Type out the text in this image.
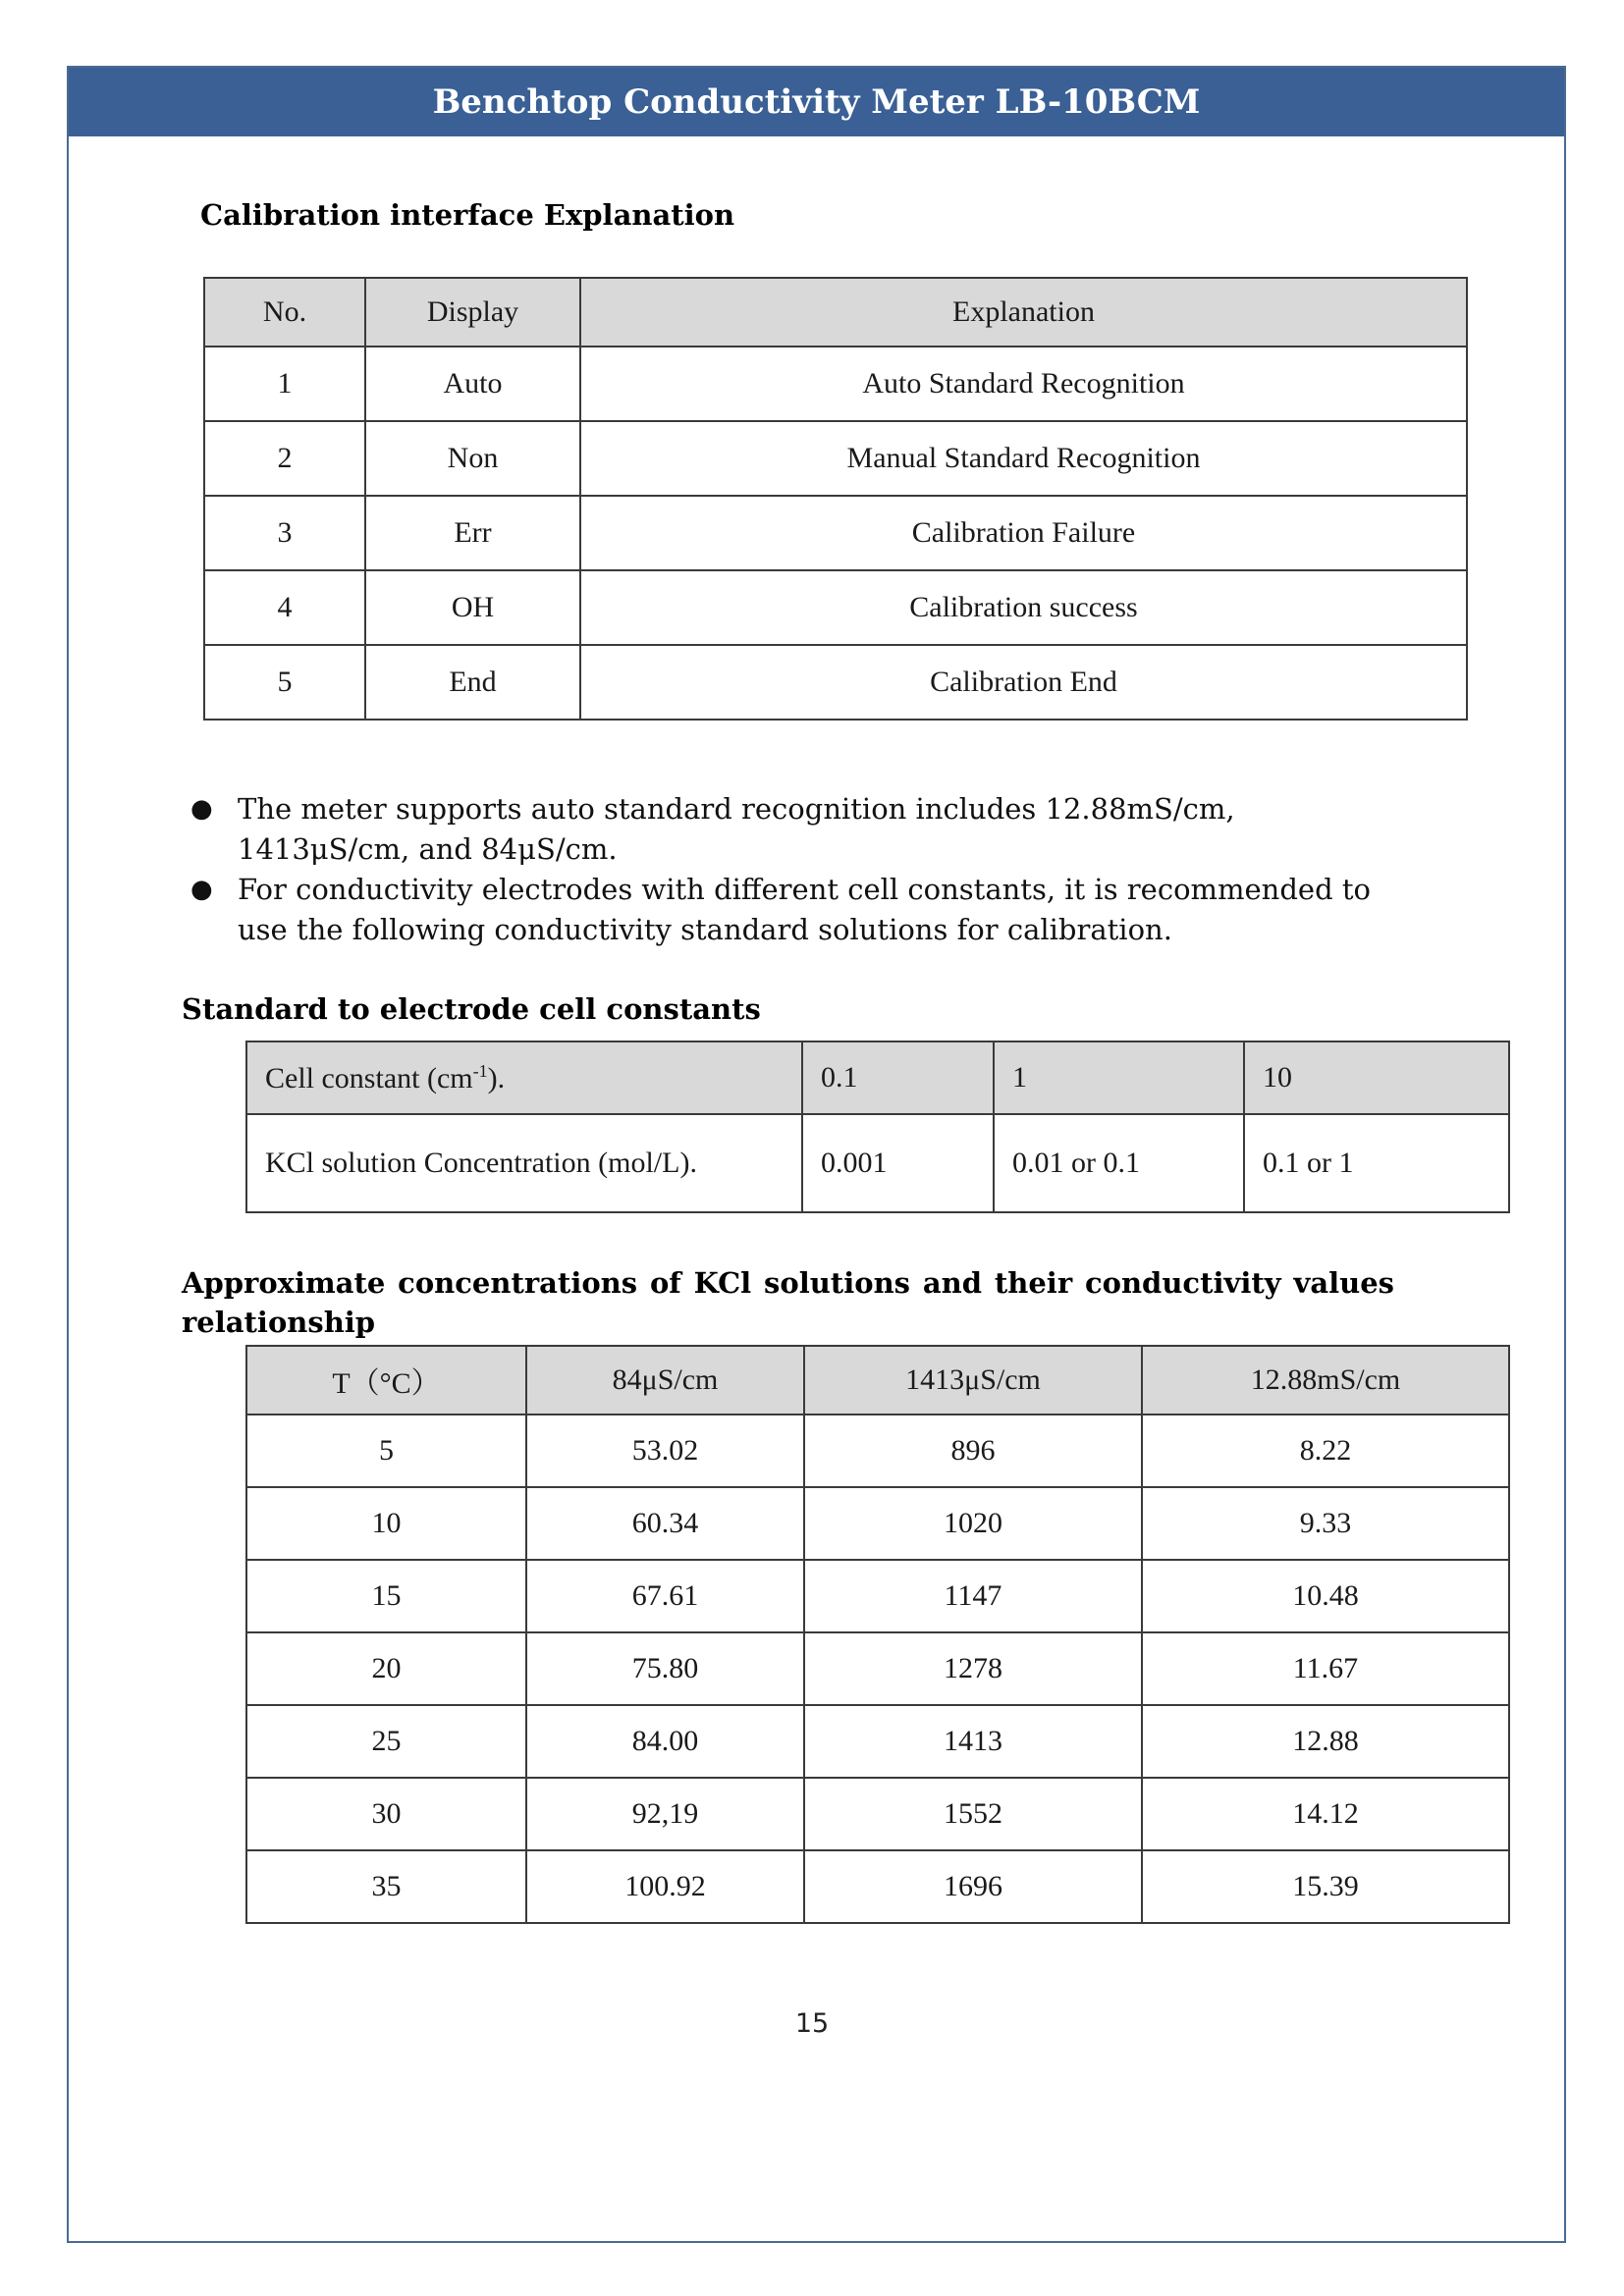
Benchtop Conductivity Meter LB-10BCM
Calibration interface Explanation
No.	Display	Explanation
1	Auto	Auto Standard Recognition
2	Non	Manual Standard Recognition
3	Err	Calibration Failure
4	OH	Calibration success
5	End	Calibration End
● The meter supports auto standard recognition includes 12.88mS/cm, 1413μS/cm, and 84μS/cm.
● For conductivity electrodes with different cell constants, it is recommended to use the following conductivity standard solutions for calibration.
Standard to electrode cell constants
Cell constant $(cm^{-1})$.	0.1	1	10
KCl solution Concentration (mol/L).	0.001	0.01 or 0.1	0.1 or 1
Approximate concentrations of KCl solutions and their conductivity values relationship
T（°C）	84μS/cm	1413μS/cm	12.88mS/cm
5	53.02	896	8.22
10	60.34	1020	9.33
15	67.61	1147	10.48
20	75.80	1278	11.67
25	84.00	1413	12.88
30	92,19	1552	14.12
35	100.92	1696	15.39
15
